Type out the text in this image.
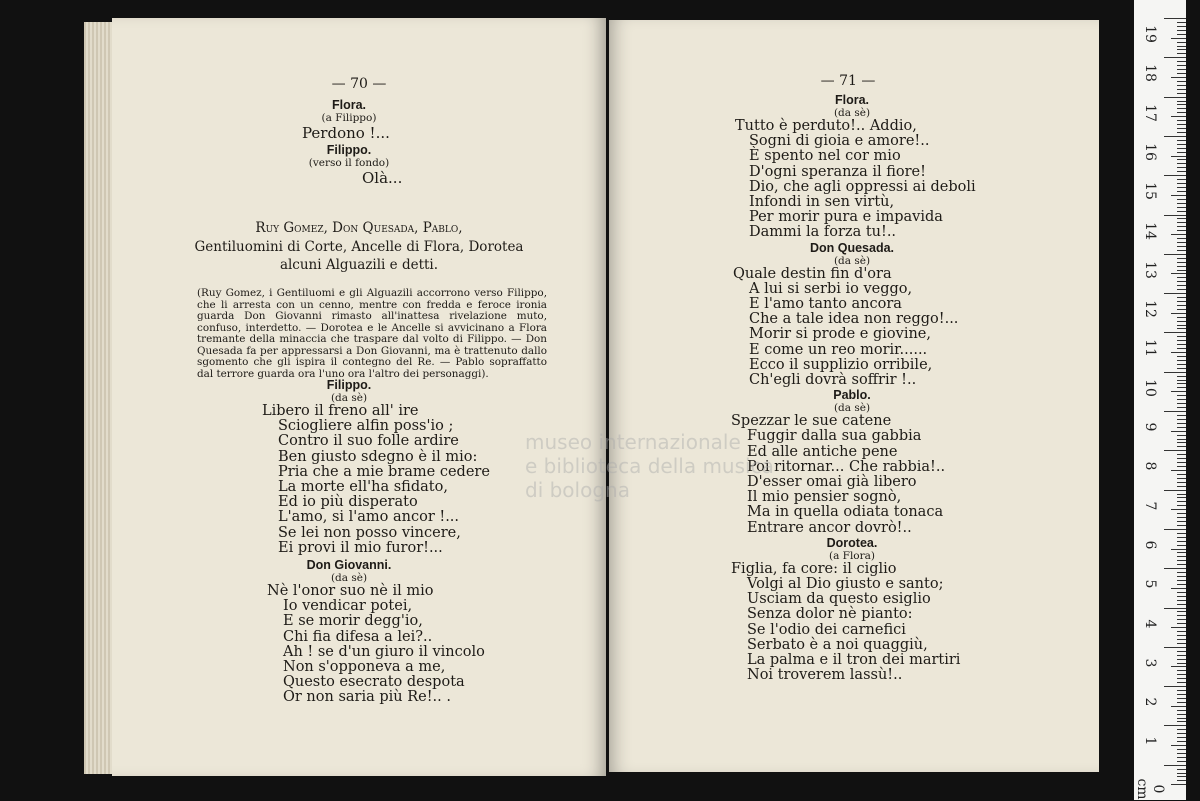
— 70 —
Flora.
(a Filippo)
Perdono !...
Filippo.
(verso il fondo)
Olà...
Ruy Gomez, Don Quesada, Pablo,
Gentiluomini di Corte, Ancelle di Flora, Dorotea
alcuni Alguazili e detti.
(Ruy Gomez, i Gentiluomi e gli Alguazili accorrono verso Filippo, che li arresta con un cenno, mentre con fredda e feroce ironia guarda Don Giovanni rimasto all'inattesa rivelazione muto, confuso, interdetto. — Dorotea e le Ancelle si avvicinano a Flora tremante della minaccia che traspare dal volto di Filippo. — Don Quesada fa per appressarsi a Don Giovanni, ma è trattenuto dallo sgomento che gli ispira il contegno del Re. — Pablo sopraffatto dal terrore guarda ora l'uno ora l'altro dei personaggi).
Filippo.
(da sè)
Libero il freno all' ire
Sciogliere alfin poss'io ;
Contro il suo folle ardire
Ben giusto sdegno è il mio:
Pria che a mie brame cedere
La morte ell'ha sfidato,
Ed io più disperato
L'amo, si l'amo ancor !...
Se lei non posso vincere,
Ei provi il mio furor!...
Don Giovanni.
(da sè)
Nè l'onor suo nè il mio
Io vendicar potei,
E se morir degg'io,
Chi fia difesa a lei?..
Ah ! se d'un giuro il vincolo
Non s'opponeva a me,
Questo esecrato despota
Or non saria più Re!.. .
— 71 —
Flora.
(da sè)
Tutto è perduto!.. Addio,
Sogni di gioia e amore!..
È spento nel cor mio
D'ogni speranza il fiore!
Dio, che agli oppressi ai deboli
Infondi in sen virtù,
Per morir pura e impavida
Dammi la forza tu!..
Don Quesada.
(da sè)
Quale destin fin d'ora
A lui si serbi io veggo,
E l'amo tanto ancora
Che a tale idea non reggo!...
Morir si prode e giovine,
E come un reo morir......
Ecco il supplizio orribile,
Ch'egli dovrà soffrir !..
Pablo.
(da sè)
Spezzar le sue catene
Fuggir dalla sua gabbia
Ed alle antiche pene
Poi ritornar... Che rabbia!..
D'esser omai già libero
Il mio pensier sognò,
Ma in quella odiata tonaca
Entrare ancor dovrò!..
Dorotea.
(a Flora)
Figlia, fa core: il ciglio
Volgi al Dio giusto e santo;
Usciam da questo esiglio
Senza dolor nè pianto:
Se l'odio dei carnefici
Serbato è a noi quaggiù,
La palma e il tron dei martiri
Noi troverem lassù!..
museo internazionale
e biblioteca della musica
di bologna
19
18
17
16
15
14
13
12
11
10
9
8
7
6
5
4
3
2
1
0 cm
